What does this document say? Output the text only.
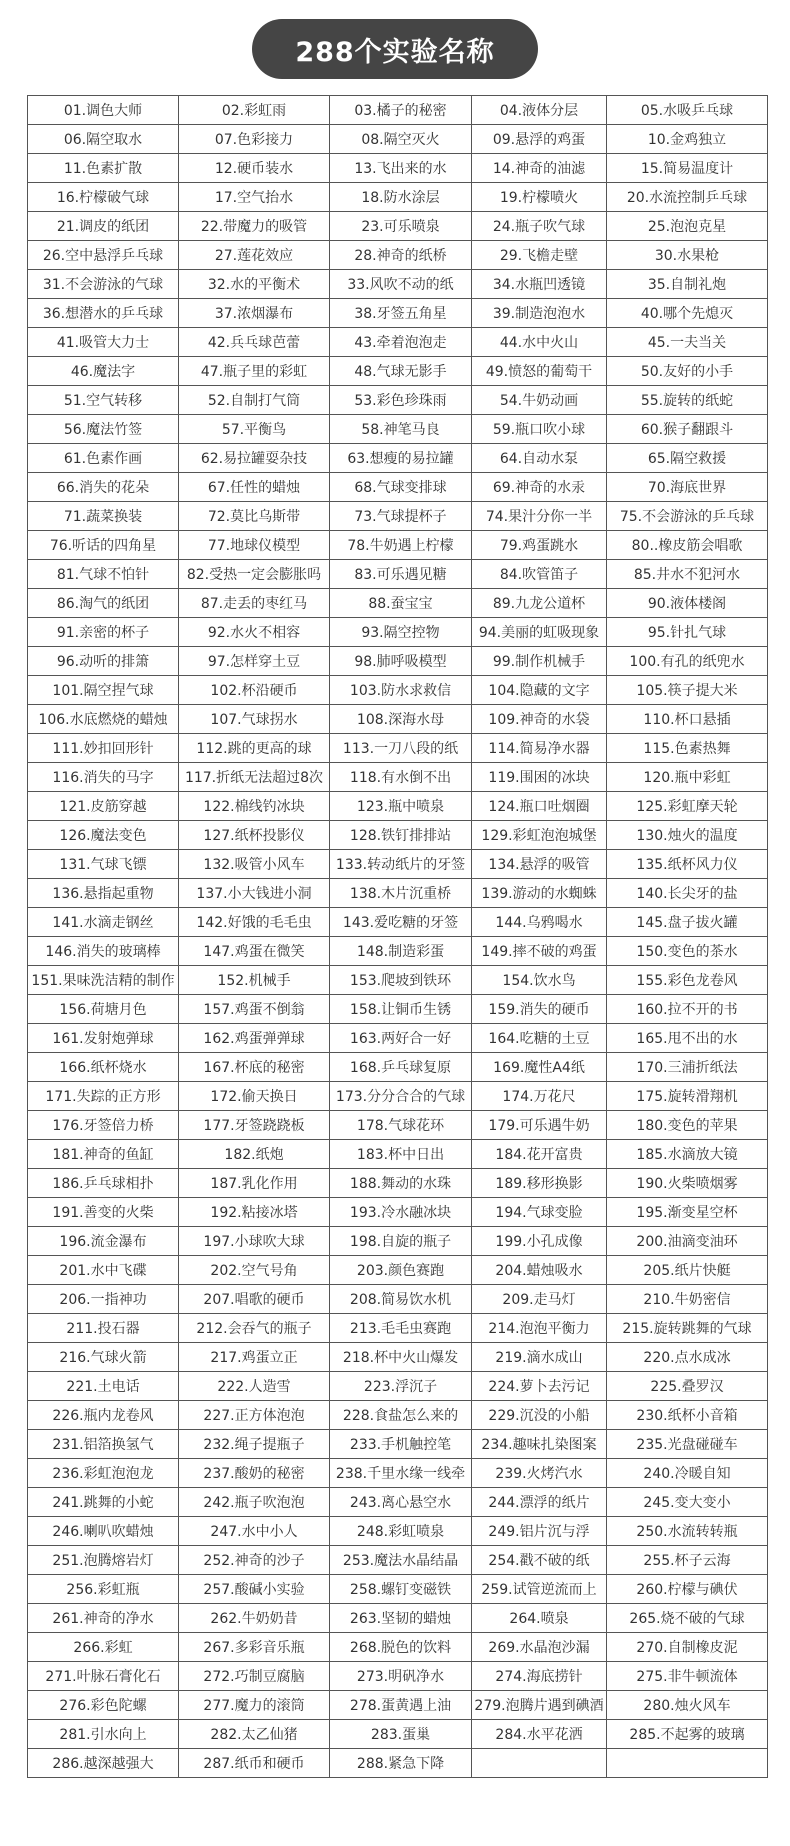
288个实验名称
01.调色大师	02.彩虹雨	03.橘子的秘密	04.液体分层	05.水吸乒乓球
06.隔空取水	07.色彩接力	08.隔空灭火	09.悬浮的鸡蛋	10.金鸡独立
11.色素扩散	12.硬币装水	13.飞出来的水	14.神奇的油滤	15.简易温度计
16.柠檬破气球	17.空气抬水	18.防水涂层	19.柠檬喷火	20.水流控制乒乓球
21.调皮的纸团	22.带魔力的吸管	23.可乐喷泉	24.瓶子吹气球	25.泡泡克星
26.空中悬浮乒乓球	27.莲花效应	28.神奇的纸桥	29.飞檐走壁	30.水果枪
31.不会游泳的气球	32.水的平衡术	33.风吹不动的纸	34.水瓶凹透镜	35.自制礼炮
36.想潜水的乒乓球	37.浓烟瀑布	38.牙签五角星	39.制造泡泡水	40.哪个先熄灭
41.吸管大力士	42.兵乓球芭蕾	43.牵着泡泡走	44.水中火山	45.一夫当关
46.魔法字	47.瓶子里的彩虹	48.气球无影手	49.愤怒的葡萄干	50.友好的小手
51.空气转移	52.自制打气筒	53.彩色珍珠雨	54.牛奶动画	55.旋转的纸蛇
56.魔法竹签	57.平衡鸟	58.神笔马良	59.瓶口吹小球	60.猴子翻跟斗
61.色素作画	62.易拉罐耍杂技	63.想瘦的易拉罐	64.自动水泵	65.隔空救援
66.消失的花朵	67.任性的蜡烛	68.气球变排球	69.神奇的水汞	70.海底世界
71.蔬菜换装	72.莫比乌斯带	73.气球提杯子	74.果汁分你一半	75.不会游泳的乒乓球
76.听话的四角星	77.地球仪模型	78.牛奶遇上柠檬	79.鸡蛋跳水	80..橡皮筋会唱歌
81.气球不怕针	82.受热一定会膨胀吗	83.可乐遇见糖	84.吹管笛子	85.井水不犯河水
86.淘气的纸团	87.走丢的枣红马	88.蚕宝宝	89.九龙公道杯	90.液体楼阁
91.亲密的杯子	92.水火不相容	93.隔空控物	94.美丽的虹吸现象	95.针扎气球
96.动听的排箫	97.怎样穿土豆	98.肺呼吸模型	99.制作机械手	100.有孔的纸兜水
101.隔空捏气球	102.杯沿硬币	103.防水求救信	104.隐藏的文字	105.筷子提大米
106.水底燃烧的蜡烛	107.气球拐水	108.深海水母	109.神奇的水袋	110.杯口悬插
111.妙扣回形针	112.跳的更高的球	113.一刀八段的纸	114.简易净水器	115.色素热舞
116.消失的马字	117.折纸无法超过8次	118.有水倒不出	119.围困的冰块	120.瓶中彩虹
121.皮筋穿越	122.棉线钓冰块	123.瓶中喷泉	124.瓶口吐烟圈	125.彩虹摩天轮
126.魔法变色	127.纸杯投影仪	128.铁钉排排站	129.彩虹泡泡城堡	130.烛火的温度
131.气球飞镖	132.吸管小风车	133.转动纸片的牙签	134.悬浮的吸管	135.纸杯风力仪
136.悬指起重物	137.小大钱进小洞	138.木片沉重桥	139.游动的水蜘蛛	140.长尖牙的盐
141.水滴走钢丝	142.好饿的毛毛虫	143.爱吃糖的牙签	144.乌鸦喝水	145.盘子拔火罐
146.消失的玻璃棒	147.鸡蛋在微笑	148.制造彩蛋	149.摔不破的鸡蛋	150.变色的茶水
151.果味洗洁精的制作	152.机械手	153.爬坡到铁环	154.饮水鸟	155.彩色龙卷风
156.荷塘月色	157.鸡蛋不倒翁	158.让铜币生锈	159.消失的硬币	160.拉不开的书
161.发射炮弹球	162.鸡蛋弹弹球	163.两好合一好	164.吃糖的土豆	165.甩不出的水
166.纸杯烧水	167.杯底的秘密	168.乒乓球复原	169.魔性A4纸	170.三浦折纸法
171.失踪的正方形	172.偷天换日	173.分分合合的气球	174.万花尺	175.旋转滑翔机
176.牙签倍力桥	177.牙签跷跷板	178.气球花环	179.可乐遇牛奶	180.变色的苹果
181.神奇的鱼缸	182.纸炮	183.杯中日出	184.花开富贵	185.水滴放大镜
186.乒乓球相扑	187.乳化作用	188.舞动的水珠	189.移形换影	190.火柴喷烟雾
191.善变的火柴	192.粘接冰塔	193.冷水融冰块	194.气球变脸	195.渐变星空杯
196.流金瀑布	197.小球吹大球	198.自旋的瓶子	199.小孔成像	200.油滴变油环
201.水中飞碟	202.空气号角	203.颜色赛跑	204.蜡烛吸水	205.纸片快艇
206.一指神功	207.唱歌的硬币	208.简易饮水机	209.走马灯	210.牛奶密信
211.投石器	212.会吞气的瓶子	213.毛毛虫赛跑	214.泡泡平衡力	215.旋转跳舞的气球
216.气球火箭	217.鸡蛋立正	218.杯中火山爆发	219.滴水成山	220.点水成冰
221.土电话	222.人造雪	223.浮沉子	224.萝卜去污记	225.叠罗汉
226.瓶内龙卷风	227.正方体泡泡	228.食盐怎么来的	229.沉没的小船	230.纸杯小音箱
231.铝箔换氢气	232.绳子提瓶子	233.手机触控笔	234.趣味扎染图案	235.光盘碰碰车
236.彩虹泡泡龙	237.酸奶的秘密	238.千里水缘一线牵	239.火烤汽水	240.冷暖自知
241.跳舞的小蛇	242.瓶子吹泡泡	243.离心悬空水	244.漂浮的纸片	245.变大变小
246.喇叭吹蜡烛	247.水中小人	248.彩虹喷泉	249.铝片沉与浮	250.水流转转瓶
251.泡腾熔岩灯	252.神奇的沙子	253.魔法水晶结晶	254.戳不破的纸	255.杯子云海
256.彩虹瓶	257.酸碱小实验	258.螺钉变磁铁	259.试管逆流而上	260.柠檬与碘伏
261.神奇的净水	262.牛奶奶昔	263.坚韧的蜡烛	264.喷泉	265.烧不破的气球
266.彩虹	267.多彩音乐瓶	268.脱色的饮料	269.水晶泡沙漏	270.自制橡皮泥
271.叶脉石膏化石	272.巧制豆腐脑	273.明矾净水	274.海底捞针	275.非牛顿流体
276.彩色陀螺	277.魔力的滚筒	278.蛋黄遇上油	279.泡腾片遇到碘酒	280.烛火风车
281.引水向上	282.太乙仙猪	283.蛋巢	284.水平花洒	285.不起雾的玻璃
286.越深越强大	287.纸币和硬币	288.紧急下降		
